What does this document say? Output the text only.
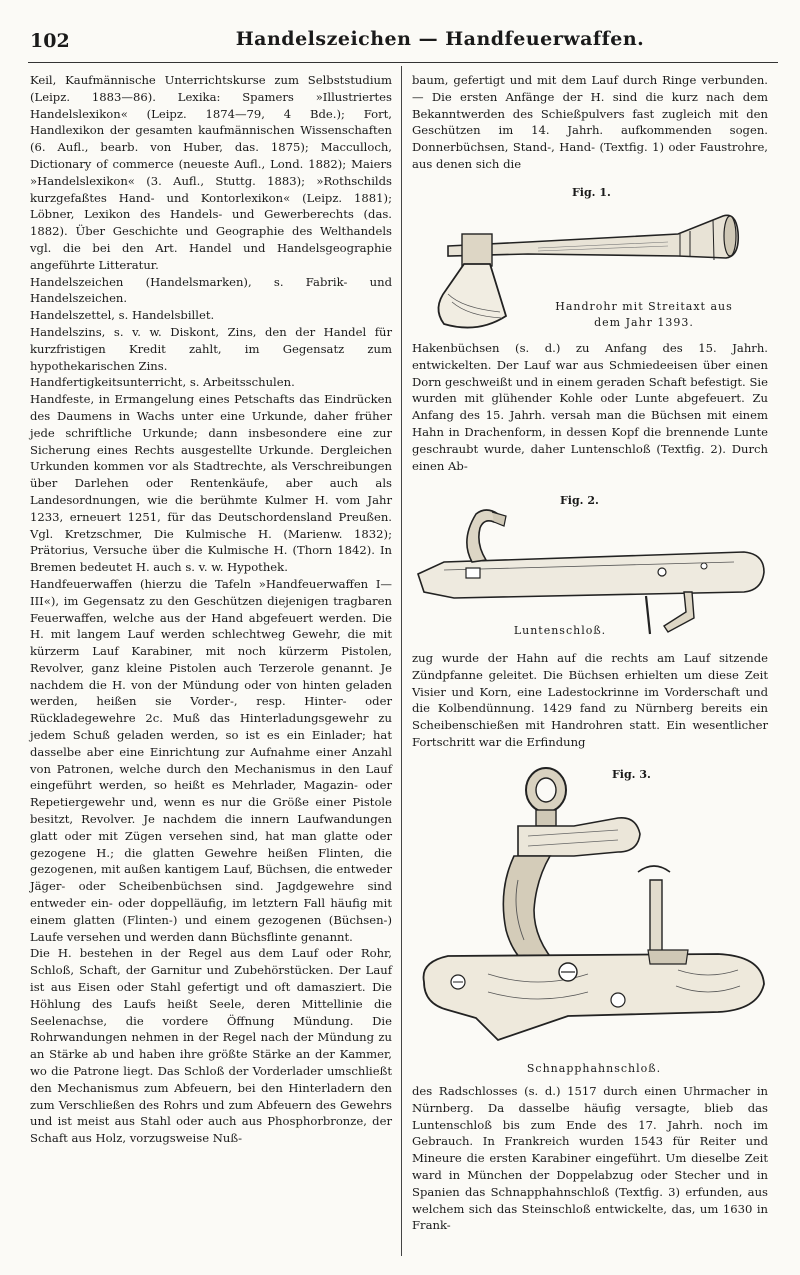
102	Handelszeichen — Handfeuerwaffen.

Keil, Kaufmännische Unterrichtskurse zum Selbststudium (Leipz. 1883—86). Lexika: Spamers »Illustriertes Handelslexikon« (Leipz. 1874—79, 4 Bde.); Fort, Handlexikon der gesamten kaufmännischen Wissenschaften (6. Aufl., bearb. von Huber, das. 1875); Macculloch, Dictionary of commerce (neueste Aufl., Lond. 1882); Maiers »Handelslexikon« (3. Aufl., Stuttg. 1883); »Rothschilds kurzgefaßtes Hand- und Kontorlexikon« (Leipz. 1881); Löbner, Lexikon des Handels- und Gewerberechts (das. 1882). Über Geschichte und Geographie des Welthandels vgl. die bei den Art. Handel und Handelsgeographie angeführte Litteratur.

Handelszeichen (Handelsmarken), s. Fabrik- und Handelszeichen.

Handelszettel, s. Handelsbillet.

Handelszins, s. v. w. Diskont, Zins, den der Handel für kurzfristigen Kredit zahlt, im Gegensatz zum hypothekarischen Zins.

Handfertigkeitsunterricht, s. Arbeitsschulen.

Handfeste, in Ermangelung eines Petschafts das Eindrücken des Daumens in Wachs unter eine Urkunde, daher früher jede schriftliche Urkunde; dann insbesondere eine zur Sicherung eines Rechts ausgestellte Urkunde. Dergleichen Urkunden kommen vor als Stadtrechte, als Verschreibungen über Darlehen oder Rentenkäufe, aber auch als Landesordnungen, wie die berühmte Kulmer H. vom Jahr 1233, erneuert 1251, für das Deutschordensland Preußen. Vgl. Kretzschmer, Die Kulmische H. (Marienw. 1832); Prätorius, Versuche über die Kulmische H. (Thorn 1842). In Bremen bedeutet H. auch s. v. w. Hypothek.

Handfeuerwaffen (hierzu die Tafeln »Handfeuerwaffen I—III«), im Gegensatz zu den Geschützen diejenigen tragbaren Feuerwaffen, welche aus der Hand abgefeuert werden. Die H. mit langem Lauf werden schlechtweg Gewehr, die mit kürzerm Lauf Karabiner, mit noch kürzerm Pistolen, Revolver, ganz kleine Pistolen auch Terzerole genannt. Je nachdem die H. von der Mündung oder von hinten geladen werden, heißen sie Vorder-, resp. Hinter- oder Rückladegewehre 2c. Muß das Hinterladungsgewehr zu jedem Schuß geladen werden, so ist es ein Einlader; hat dasselbe aber eine Einrichtung zur Aufnahme einer Anzahl von Patronen, welche durch den Mechanismus in den Lauf eingeführt werden, so heißt es Mehrlader, Magazin- oder Repetiergewehr und, wenn es nur die Größe einer Pistole besitzt, Revolver. Je nachdem die innern Laufwandungen glatt oder mit Zügen versehen sind, hat man glatte oder gezogene H.; die glatten Gewehre heißen Flinten, die gezogenen, mit außen kantigem Lauf, Büchsen, die entweder Jäger- oder Scheibenbüchsen sind. Jagdgewehre sind entweder ein- oder doppelläufig, im letztern Fall häufig mit einem glatten (Flinten-) und einem gezogenen (Büchsen-) Laufe versehen und werden dann Büchsflinte genannt.

Die H. bestehen in der Regel aus dem Lauf oder Rohr, Schloß, Schaft, der Garnitur und Zubehörstücken. Der Lauf ist aus Eisen oder Stahl gefertigt und oft damasziert. Die Höhlung des Laufs heißt Seele, deren Mittellinie die Seelenachse, die vordere Öffnung Mündung. Die Rohrwandungen nehmen in der Regel nach der Mündung zu an Stärke ab und haben ihre größte Stärke an der Kammer, wo die Patrone liegt. Das Schloß der Vorderlader umschließt den Mechanismus zum Abfeuern, bei den Hinterladern den zum Verschließen des Rohrs und zum Abfeuern des Gewehrs und ist meist aus Stahl oder auch aus Phosphorbronze, der Schaft aus Holz, vorzugsweise Nuß-

baum, gefertigt und mit dem Lauf durch Ringe verbunden. — Die ersten Anfänge der H. sind die kurz nach dem Bekanntwerden des Schießpulvers fast zugleich mit den Geschützen im 14. Jahrh. aufkommenden sogen. Donnerbüchsen, Stand-, Hand- (Textfig. 1) oder Faustrohre, aus denen sich die
Fig. 1.
Handrohr mit Streitaxt aus
dem Jahr 1393.
Hakenbüchsen (s. d.) zu Anfang des 15. Jahrh. entwickelten. Der Lauf war aus Schmiedeeisen über einen Dorn geschweißt und in einem geraden Schaft befestigt. Sie wurden mit glühender Kohle oder Lunte abgefeuert. Zu Anfang des 15. Jahrh. versah man die Büchsen mit einem Hahn in Drachenform, in dessen Kopf die brennende Lunte geschraubt wurde, daher Luntenschloß (Textfig. 2). Durch einen Ab-
Fig. 2.
Luntenschloß.
zug wurde der Hahn auf die rechts am Lauf sitzende Zündpfanne geleitet. Die Büchsen erhielten um diese Zeit Visier und Korn, eine Ladestockrinne im Vorderschaft und die Kolbendünnung. 1429 fand zu Nürnberg bereits ein Scheibenschießen mit Handrohren statt. Ein wesentlicher Fortschritt war die Erfindung
Fig. 3.
Schnapphahnschloß.
des Radschlosses (s. d.) 1517 durch einen Uhrmacher in Nürnberg. Da dasselbe häufig versagte, blieb das Luntenschloß bis zum Ende des 17. Jahrh. noch im Gebrauch. In Frankreich wurden 1543 für Reiter und Mineure die ersten Karabiner eingeführt. Um dieselbe Zeit ward in München der Doppelabzug oder Stecher und in Spanien das Schnapphahnschloß (Textfig. 3) erfunden, aus welchem sich das Steinschloß entwickelte, das, um 1630 in Frank-
